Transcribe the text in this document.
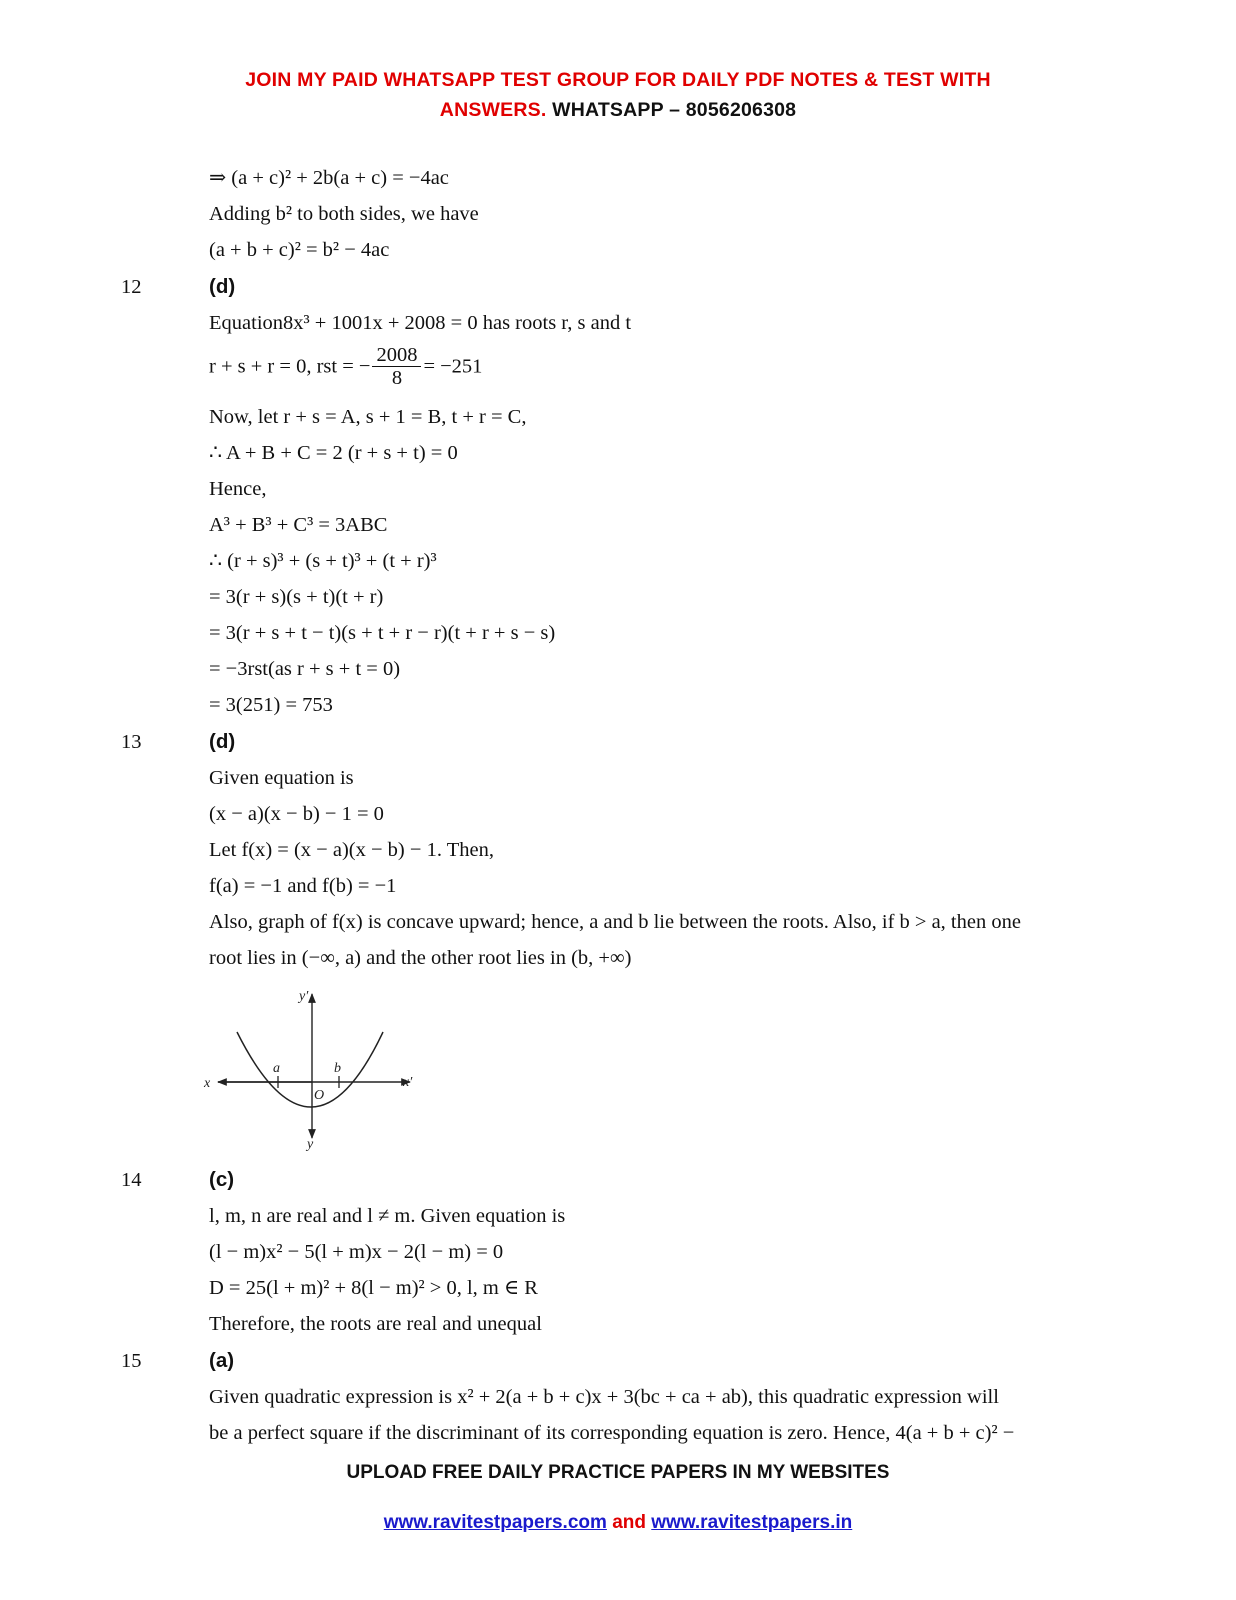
JOIN MY PAID WHATSAPP TEST GROUP FOR DAILY PDF NOTES & TEST WITH
ANSWERS. WHATSAPP – 8056206308
⇒ (a + c)² + 2b(a + c) = −4ac
Adding b² to both sides, we have
(a + b + c)² = b² − 4ac
12	(d)
Equation8x³ + 1001x + 2008 = 0 has roots r, s and t
r + s + r = 0, rst = − $\frac{2008}{8} = -251$
Now, let r + s = A, s + 1 = B, t + r = C,
∴ A + B + C = 2 (r + s + t) = 0
Hence,
A³ + B³ + C³ = 3ABC
∴ (r + s)³ + (s + t)³ + (t + r)³
= 3(r + s)(s + t)(t + r)
= 3(r + s + t − t)(s + t + r − r)(t + r + s − s)
= −3rst(as r + s + t = 0)
= 3(251) = 753
13	(d)
Given equation is
(x − a)(x − b) − 1 = 0
Let f(x) = (x − a)(x − b) − 1. Then,
f(a) = −1 and f(b) = −1
Also, graph of f(x) is concave upward; hence, a and b lie between the roots. Also, if b > a, then one
root lies in (−∞, a) and the other root lies in (b, +∞)
y′
y
x	x′
a	b
O
14	(c)
l, m, n are real and l ≠ m. Given equation is
(l − m)x² − 5(l + m)x − 2(l − m) = 0
D = 25(l + m)² + 8(l − m)² > 0, l, m ∈ R
Therefore, the roots are real and unequal
15	(a)
Given quadratic expression is x² + 2(a + b + c)x + 3(bc + ca + ab), this quadratic expression will
be a perfect square if the discriminant of its corresponding equation is zero. Hence, 4(a + b + c)² −
UPLOAD FREE DAILY PRACTICE PAPERS IN MY WEBSITES
www.ravitestpapers.com and www.ravitestpapers.in
